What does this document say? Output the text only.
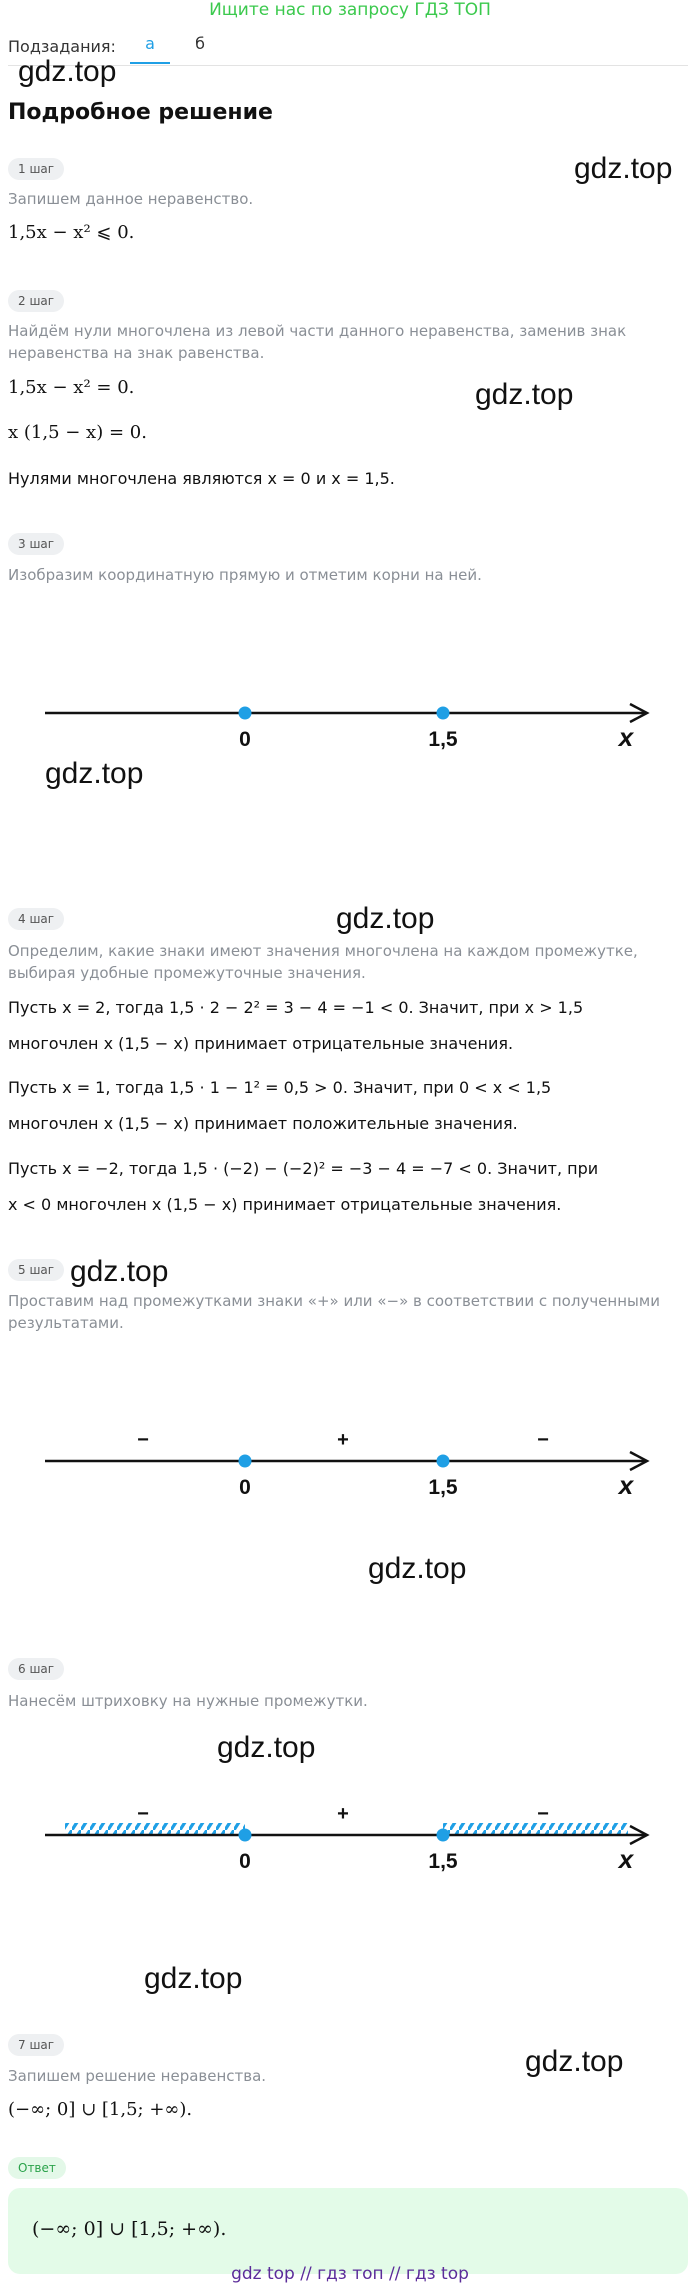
Ищите нас по запросу ГДЗ ТОП
Подзадания:	а	б
gdz.top
gdz.top
gdz.top
gdz.top
gdz.top
gdz.top
gdz.top
gdz.top
gdz.top
gdz.top
Подробное решение
1 шаг
Запишем данное неравенство.
1,5x − x² ⩽ 0.
2 шаг
Найдём нули многочлена из левой части данного неравенства, заменив знак неравенства на знак равенства.
1,5x − x² = 0.
x (1,5 − x) = 0.
Нулями многочлена являются x = 0 и x = 1,5.
3 шаг
Изобразим координатную прямую и отметим корни на ней.
0	1,5	x
4 шаг
Определим, какие знаки имеют значения многочлена на каждом промежутке, выбирая удобные промежуточные значения.
Пусть x = 2, тогда 1,5 · 2 − 2² = 3 − 4 = −1 < 0. Значит, при x > 1,5
многочлен x (1,5 − x) принимает отрицательные значения.
Пусть x = 1, тогда 1,5 · 1 − 1² = 0,5 > 0. Значит, при 0 < x < 1,5
многочлен x (1,5 − x) принимает положительные значения.
Пусть x = −2, тогда 1,5 · (−2) − (−2)² = −3 − 4 = −7 < 0. Значит, при
x < 0 многочлен x (1,5 − x) принимает отрицательные значения.
5 шаг
Проставим над промежутками знаки «+» или «−» в соответствии с полученными результатами.
−	+	−
0	1,5	x
6 шаг
Нанесём штриховку на нужные промежутки.
−	+	−
0	1,5	x
7 шаг
Запишем решение неравенства.
(−∞; 0] ∪ [1,5; +∞).
Ответ
(−∞; 0] ∪ [1,5; +∞).
gdz top // гдз топ // гдз top
